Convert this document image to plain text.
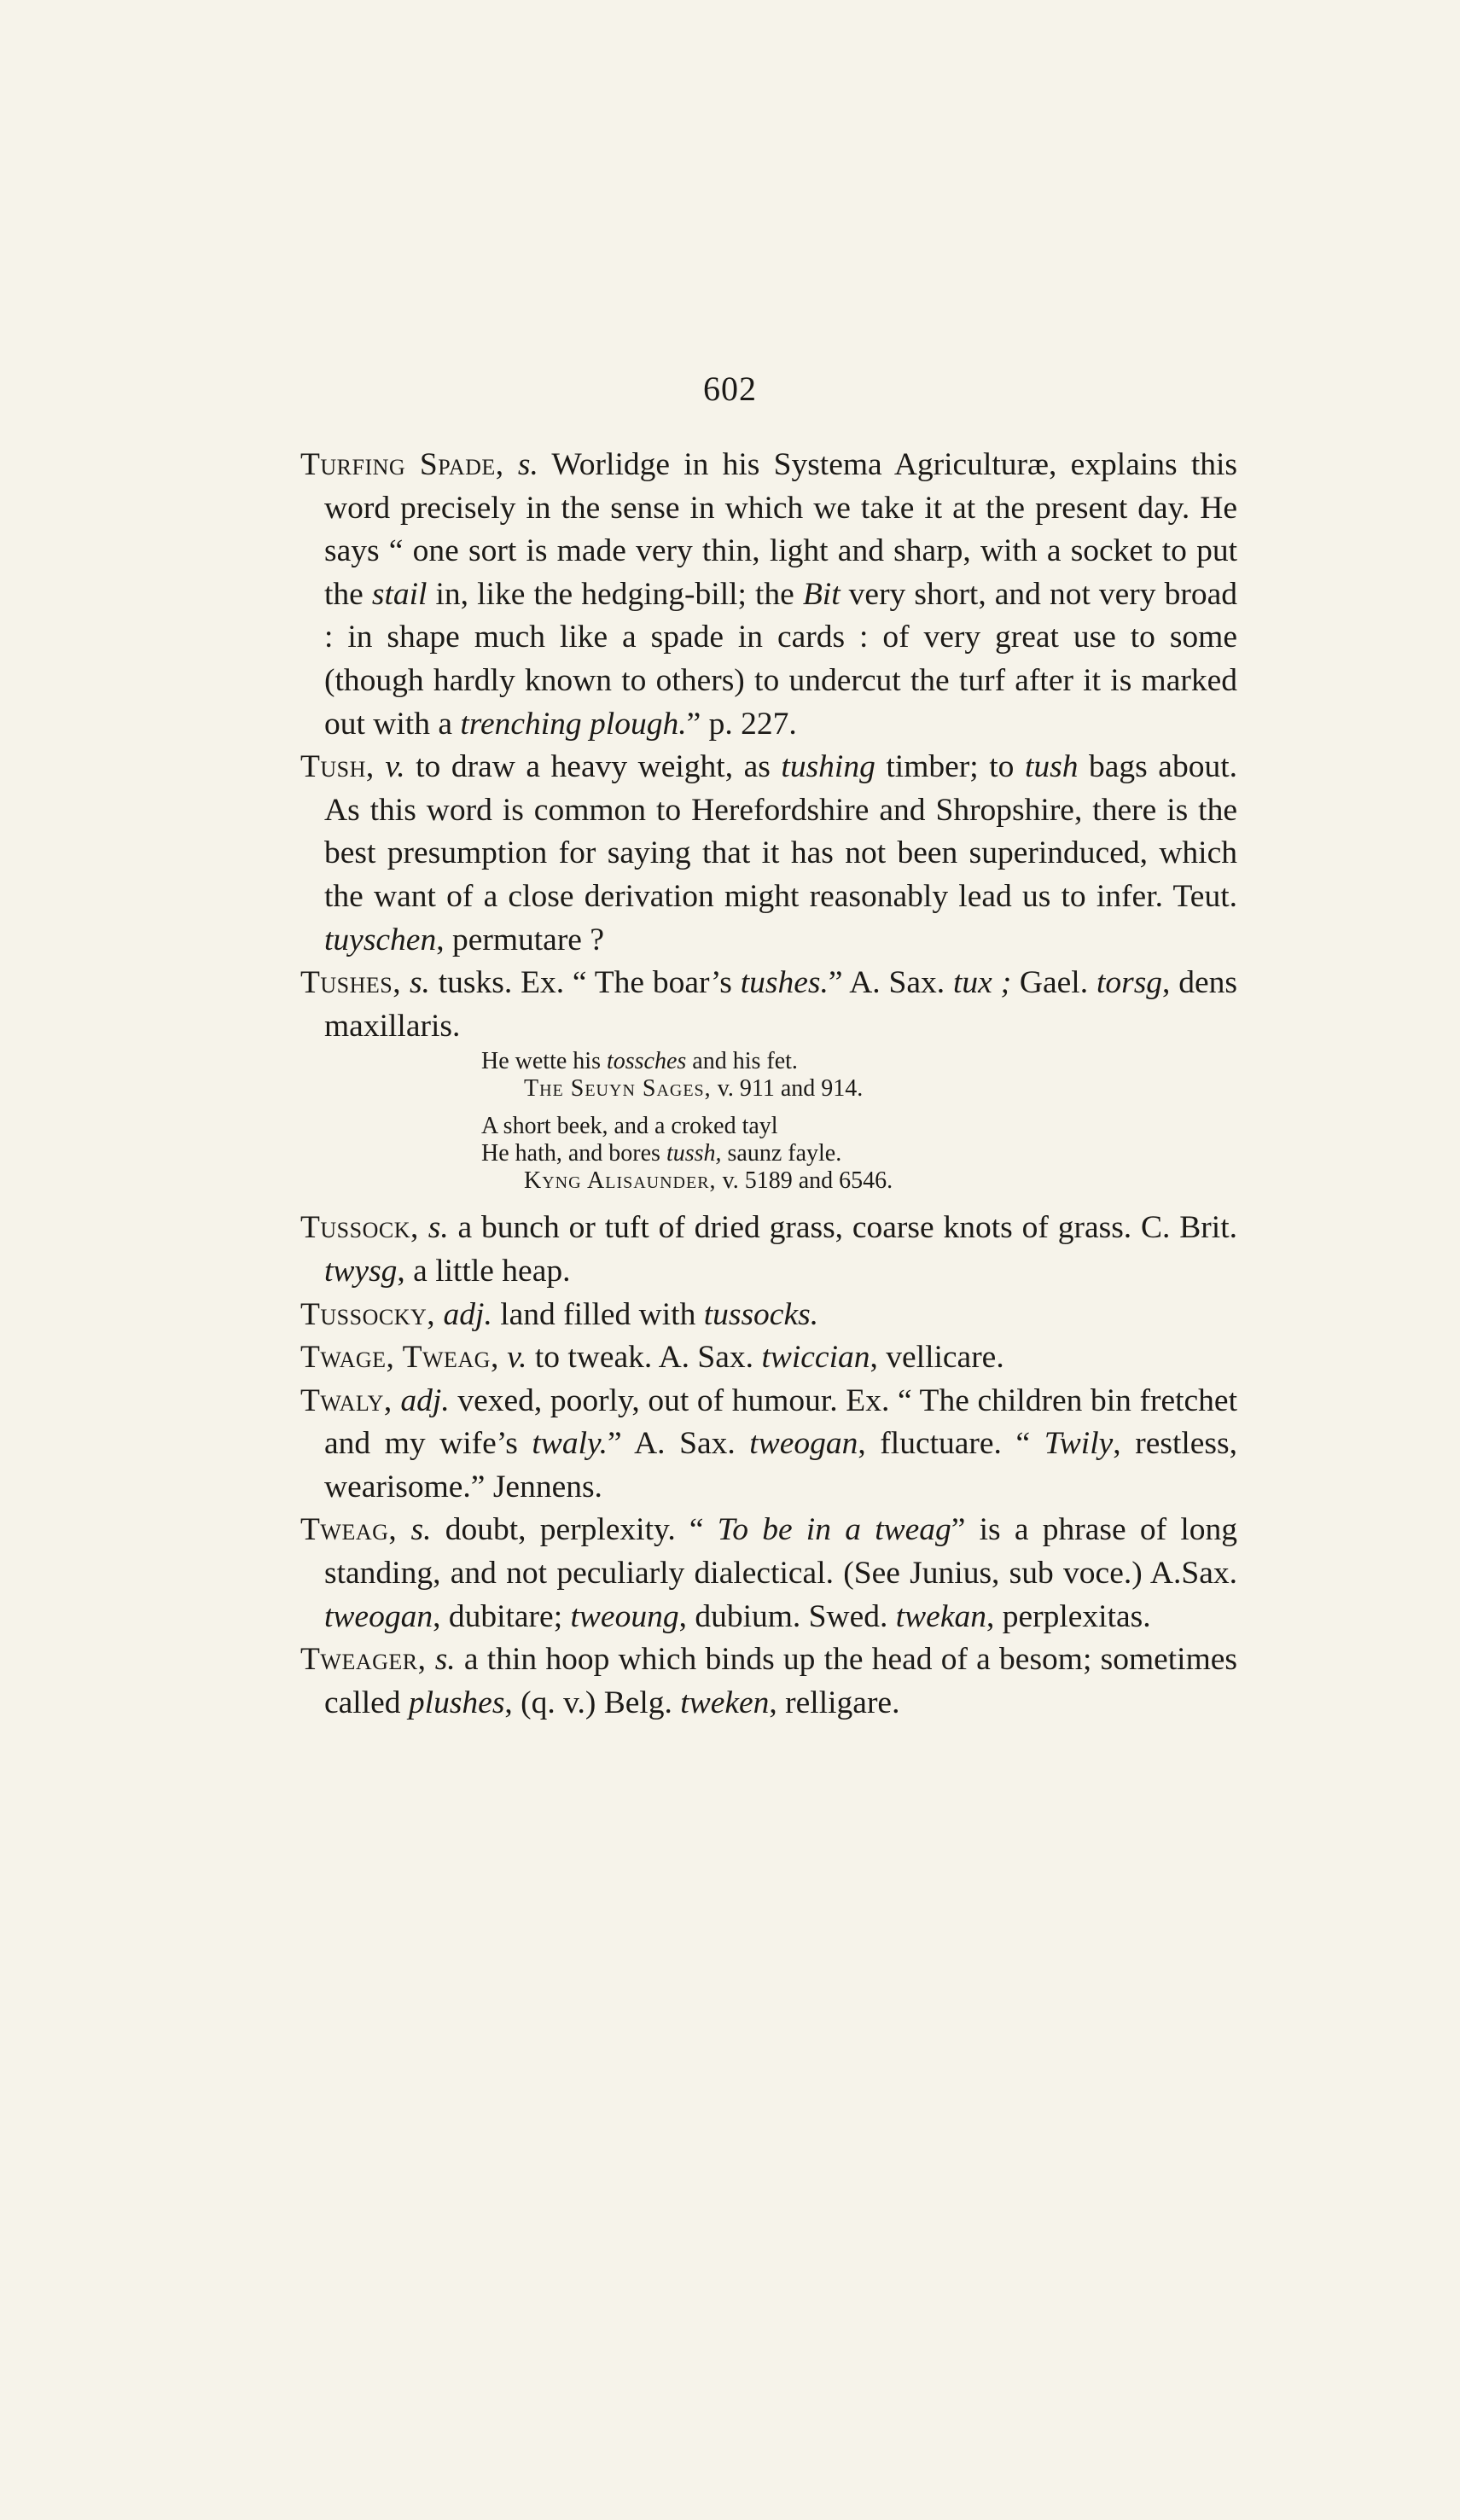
602

Turfing Spade, s. Worlidge in his Systema Agriculturæ, explains this word precisely in the sense in which we take it at the present day. He says “ one sort is made very thin, light and sharp, with a socket to put the stail in, like the hedging-bill; the Bit very short, and not very broad : in shape much like a spade in cards : of very great use to some (though hardly known to others) to undercut the turf after it is marked out with a trenching plough.” p. 227.

Tush, v. to draw a heavy weight, as tushing timber; to tush bags about. As this word is common to Herefordshire and Shropshire, there is the best presumption for saying that it has not been superinduced, which the want of a close derivation might reasonably lead us to infer. Teut. tuyschen, permutare ?

Tushes, s. tusks. Ex. “ The boar’s tushes.” A. Sax. tux ; Gael. torsg, dens maxillaris.

He wette his tossches and his fet.

The Seuyn Sages, v. 911 and 914.

A short beek, and a croked tayl

He hath, and bores tussh, saunz fayle.

Kyng Alisaunder, v. 5189 and 6546.

Tussock, s. a bunch or tuft of dried grass, coarse knots of grass. C. Brit. twysg, a little heap.

Tussocky, adj. land filled with tussocks.

Twage, Tweag, v. to tweak. A. Sax. twiccian, vellicare.

Twaly, adj. vexed, poorly, out of humour. Ex. “ The children bin fretchet and my wife’s twaly.” A. Sax. tweogan, fluctuare. “ Twily, restless, wearisome.” Jennens.

Tweag, s. doubt, perplexity. “ To be in a tweag” is a phrase of long standing, and not peculiarly dialectical. (See Junius, sub voce.) A.Sax. tweogan, dubitare; tweoung, dubium. Swed. twekan, perplexitas.

Tweager, s. a thin hoop which binds up the head of a besom; sometimes called plushes, (q. v.) Belg. tweken, relligare.
